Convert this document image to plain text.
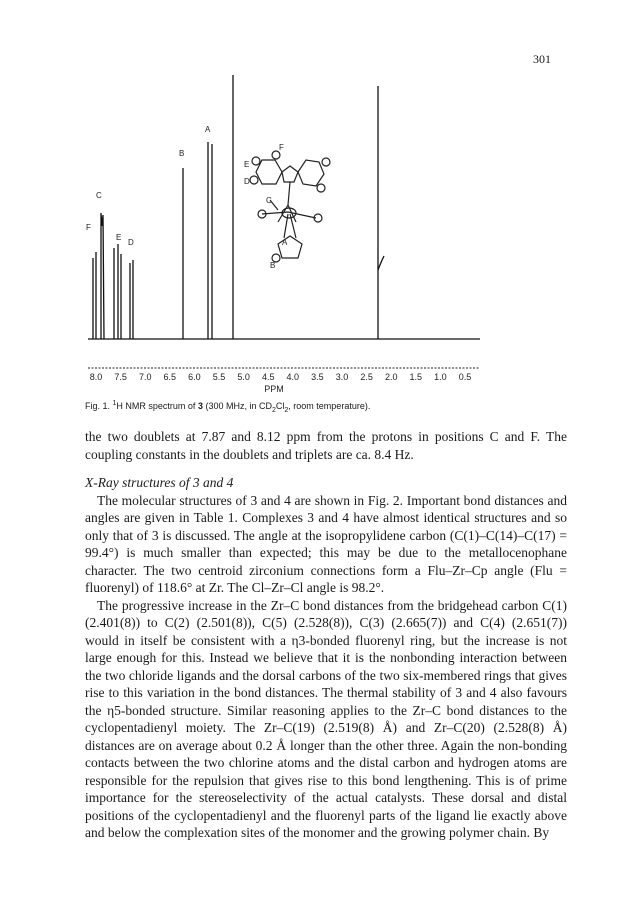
301
F
C
E
D
B
A
F
E
D
C
A
B
8.0 7.5 7.0 6.5 6.0 5.5 5.0 4.5 4.0 3.5 3.0 2.5 2.0 1.5 1.0 0.5
PPM
Fig. 1. $^1$H NMR spectrum of 3 (300 MHz, in $CD_2Cl_2$, room temperature).

the two doublets at 7.87 and 8.12 ppm from the protons in positions C and F. The coupling constants in the doublets and triplets are ca. 8.4 Hz.

X-Ray structures of 3 and 4

The molecular structures of 3 and 4 are shown in Fig. 2. Important bond distances and angles are given in Table 1. Complexes 3 and 4 have almost identical structures and so only that of 3 is discussed. The angle at the isopropylidene carbon (C(1)–C(14)–C(17) = 99.4°) is much smaller than expected; this may be due to the metallocenophane character. The two centroid zirconium connections form a Flu–Zr–Cp angle (Flu = fluorenyl) of 118.6° at Zr. The Cl–Zr–Cl angle is 98.2°.

The progressive increase in the Zr–C bond distances from the bridgehead carbon C(1) (2.401(8)) to C(2) (2.501(8)), C(5) (2.528(8)), C(3) (2.665(7)) and C(4) (2.651(7)) would in itself be consistent with a η3-bonded fluorenyl ring, but the increase is not large enough for this. Instead we believe that it is the nonbonding interaction between the two chloride ligands and the dorsal carbons of the two six-membered rings that gives rise to this variation in the bond distances. The thermal stability of 3 and 4 also favours the η5-bonded structure. Similar reasoning applies to the Zr–C bond distances to the cyclopentadienyl moiety. The Zr–C(19) (2.519(8) Å) and Zr–C(20) (2.528(8) Å) distances are on average about 0.2 Å longer than the other three. Again the non-bonding contacts between the two chlorine atoms and the distal carbon and hydrogen atoms are responsible for the repulsion that gives rise to this bond lengthening. This is of prime importance for the stereoselectivity of the actual catalysts. These dorsal and distal positions of the cyclopentadienyl and the fluorenyl parts of the ligand lie exactly above and below the complexation sites of the monomer and the growing polymer chain. By
